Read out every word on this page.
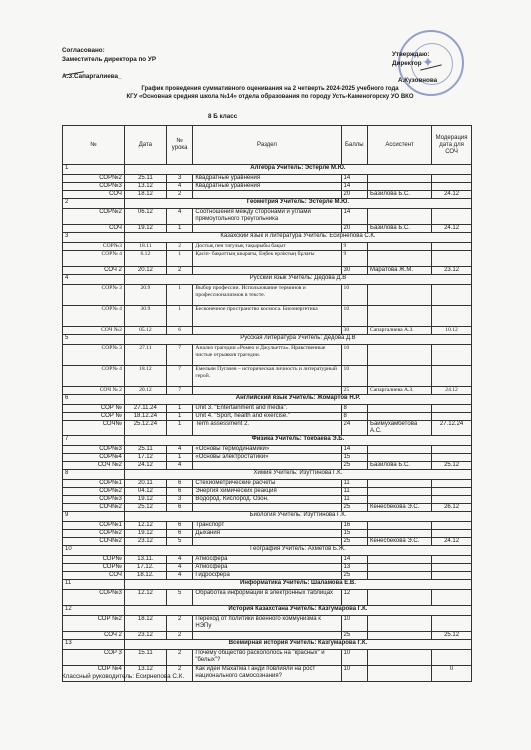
Согласовано:
Заместитель директора по УР
А.З.Сапаргалиева_
✦
Утверждаю:
Директор
А.Кузовнова
График проведения суммативного оценивания на 2 четверть 2024-2025 учебного года
КГУ «Основная средняя школа №14» отдела образования по городу Усть-Каменогорску УО ВКО
8 Б класс
№	Дата	№ урока	Раздел	Баллы	Ассистент	Модерация дата для СОЧ
1	Алгебра Учитель: Эстерле М.Ю.					
СОР№2	25.11	3	Квадратные уравнения	14		
СОР№3	13.12	4	Квадратные уравнения	14		
СОЧ	18.12	2		20	Базилова Б.С.	24.12
2	Геометрия Учитель: Эстерле М.Ю.					
СОР№2	06.12	4	Соотношения между сторонами и углами прямоугольного треугольника	14		
СОЧ	19.12	1		20	Базилова Б.С.	24.12
3	Казахский язык и литература Учитель: Есирнепова С.К.					
СОР№3	18.11	2	Достық пен татулық тақырыбы бақыт	9		
СОР№ 4	6.12	1	Қасiп- бақыттың шырағы, Еңбек ерлiктың бұлағы	9		
СОЧ 2	20.12	2		30	Маратова Ж.М.	23.12
4	Русский язык Учитель: Дедова Д.В					
СОР№ 3	20.9	1	Выбор профессии. Использование терминов и профессионализмов в тексте.	10		
СОР№ 4	30.9	1	Бесконечное пространство космоса. Биоэнергетика	10		
СОЧ №2	05.12	6		30	Сапаргалиева А.З.	10.12
5	Русская литература Учитель: Дедова Д.В					
СОР№ 3	27.11	7	Анализ трагедии «Ромео и Джульетта». Нравственные чистые отрывков трагедии.	10		
СОР№ 4	18.12	7	Емельян Пугачев – историческая личность и литературный герой.	10		
СОЧ № 2	20.12	7		25	Сапаргалиева А.З.	24.12
6	Английский язык Учитель: Жомартов Н.Р.					
СОР №	27.11.24	1	Unit 3. "Entertainment and media".	8		
СОР №	18.12.24	1	Unit 4. "Sport, health and exercise."	8		
СОЧ№	25.12.24	1	Term assessment 2.	24	Баймухамбетова А.С.	27.12.24
7	Физика Учитель: Токбаева Э.Б.					
СОР№3	25.11	4	«Основы термодинамики»	14		
СОР№4	17.12	1	«Основы электростатики»	15		
СОЧ №2	24.12	4		25	Базилова Б.С.	25.12
8	Химия Учитель: Изуттинова Г.К.					
СОР№1	20.11	6	Стехиометрические расчеты	11		
СОР№2	04.12	6	Энергия химических реакция	11		
СОР№3	19.12	3	Водород. Кислород. Озон.	11		
СОЧ№2	25.12	6		25	Кенесбекова Э.С.	26.12
9	Биология Учитель: Изуттинова Г.К.					
СОР№1	12.12	6	Транспорт	16		
СОР№2	19.12	6	Дыхания	15		
СОЧ№2	23.12	5		25	Кенесбекова Э.С.	24.12
10	География Учитель: Ахметов Б.Ж.					
СОР№	13.11.	4	Атмосфера	14		
СОР№	17.12.	4	Атмосфера	13		
СОЧ	18.12.	4	Гидросфера	25		
11	Информатика Учитель: Шаламова Е.В.					
СОР№3	12.12	5	Обработка информации в электронных таблицах	12		
12	История Казахстана Учитель: Казгумарова Г.К.					
СОР №2	18.12	2	Переход от политики военного коммунизма к НЭПу	10		
СОЧ 2	23.12	2		25		25.12
13	Всемирная история Учитель: Казгумарова Г.К.					
СОР 3	15.11	2	Почему общество раскололось на "красных" и "белых"?	10		
СОР №4	13.12	2	Как идеи Махатма Ганди повлияли на рост национального самосознания?	10		0
Классный руководитель: Есирнепова С.К.
